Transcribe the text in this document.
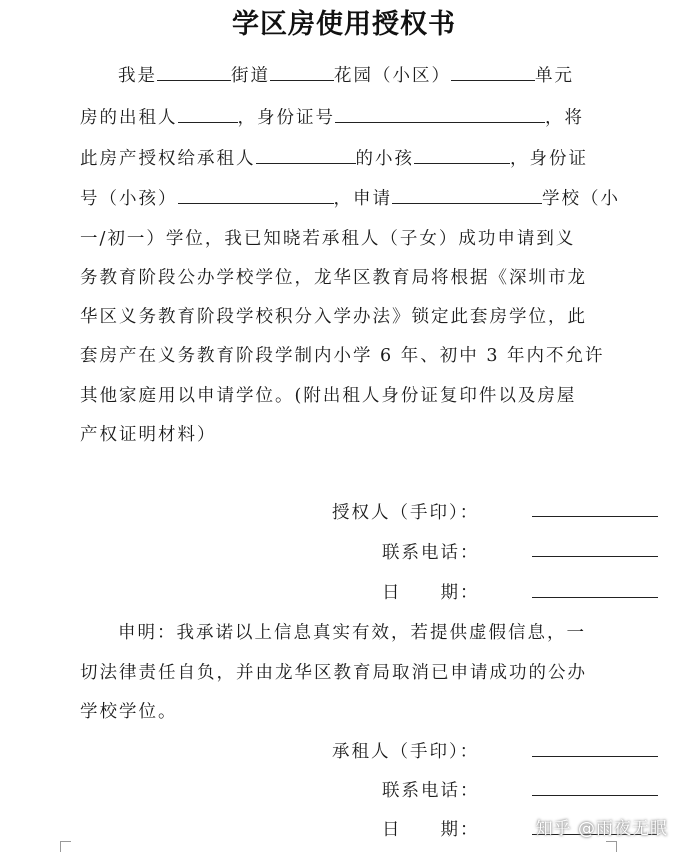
学区房使用授权书
我是	街道	花园（小区）	单元
房的出租人	，身份证号	，将
此房产授权给承租人	的小孩	，身份证
号（小孩）	，申请	学校（小
一/初一）学位，我已知晓若承租人（子女）成功申请到义
务教育阶段公办学校学位，龙华区教育局将根据《深圳市龙
华区义务教育阶段学校积分入学办法》锁定此套房学位，此
套房产在义务教育阶段学制内小学 6 年、初中 3 年内不允许
其他家庭用以申请学位。(附出租人身份证复印件以及房屋
产权证明材料）
授权人（手印）：
联系电话：
日　　期：
申明：我承诺以上信息真实有效，若提供虚假信息，一
切法律责任自负，并由龙华区教育局取消已申请成功的公办
学校学位。
承租人（手印）：
联系电话：
日　　期：	知乎 @雨夜无眠
